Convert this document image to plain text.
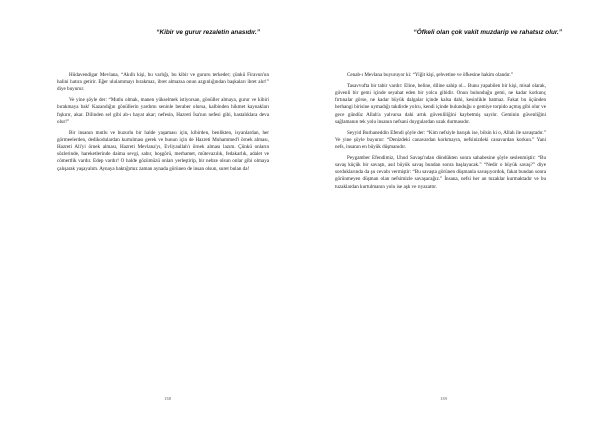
“Kibir ve gurur rezaletin anasıdır.”

Hüdavendigar Mevlana, “Akıllı kişi, bu varlığı, bu kibir ve gururu terkeder; çünkü Firavun'un halini hatıra getirir. Eğer ulularnmayı bırakmaz, ibret almazsa onun azgınlığından başkaları ibret alır!” diye buyurur.

Ve yine şöyle der: “Mutlu olmak, manen yükselmek istiyorsan, gönüller almaya, gurur ve kibiri bırakmaya bak! Kazandığın gönüllerin yardımı seninle beraber olursa, kalbinden hikmet kaynakları fışkırır, akar. Dilinden sel gibi ab-ı hayat akar; nefesin, Hazreti İsa'nın nefesi gibi, hastalıklara deva olur!”

Bir insanın mutlu ve huzurlu bir halde yaşaması için, kibirden, benlikten, isyanlardan, her görmeelerden, dedikodulardan kurtulması gerek ve bunun için de Hazreti Muhammed'i örnek alması, Hazreti Ali'yi örnek alması, Hazreti Mevlana'yı, Evliyaullah'ı örnek alması lazım. Çünkü onların sözlerinde, hareketlerinde daima sevgi, sabır, hoşgörü, merhamet, mütevazılık, fedakarlık, adalet ve cömertlik vardır. Edep vardır! O halde gözümüzü onları yerleştirip, bir nebze olsun onlar gibi olmaya çalışarak yaşayalım. Aynaya baktığımız zaman aynada görünen de insan olsun, suret bulan da!

138
“Öfkeli olan çok vakit muzdarip ve rahatsız olur.”

Cenab-ı Mevlana buyuruyor ki: “Yiğit kişi, şehvetine ve öfkesine hakim olandır.”

Tasavvufta bir tabir vardır: Eline, beline, diline sahip ol... Bunu yapabilen bir kişi, misal olarak, güvenli bir gemi içinde seyahat eden bir yolcu gibidir. Onun bulunduğu gemi, ne kadar korkunç fırtınalar görse, ne kadar büyük dalgalar içinde kalsa dahi, kesinlikle batmaz. Fakat bu üçünden herhangi birisine uymadığı takdirde yolcu, kendi içinde bulunduğu o gemiye torpido açmış gibi olur ve gece gündüz Allah'a yalvarsa dahi artık güvenliliğini kaybetmiş sayılır. Geminin güvenliğini sağlamanın tek yolu insanın nefsani duygulardan uzak durmasıdır.

Seyyid Burhaneddin Efendi şöyle der: “Kim nefsiyle barışık ise, bilsin ki o, Allah ile savaştadır.” Ve yine şöyle buyurur: “Denizdeki canavardan korkmayın, nefsinizdeki canavardan korkun.” Yani nefs, insanın en büyük düşmanıdır.

Peygamber Efendimiz, Uhud Savaşı'ndan döndükten sonra sahabesine şöyle seslenmiştir: “Bu savaş küçük bir savaştı, asıl büyük savaş bundan sonra başlayacak.” “Nedir o büyük savaş?” diye sorduklarında da şu cevabı vermiştir: “Bu savaşta görünen düşmanla savaşıyordok, fakat bundan sonra görünmeyen düşman olan nefsimizle savaşacağız.” İnsana, nefsi her an tuzaklar kurmaktadır ve bu tuzaklardan kurtulmanın yolu ise aşk ve rıyazattır.

139
